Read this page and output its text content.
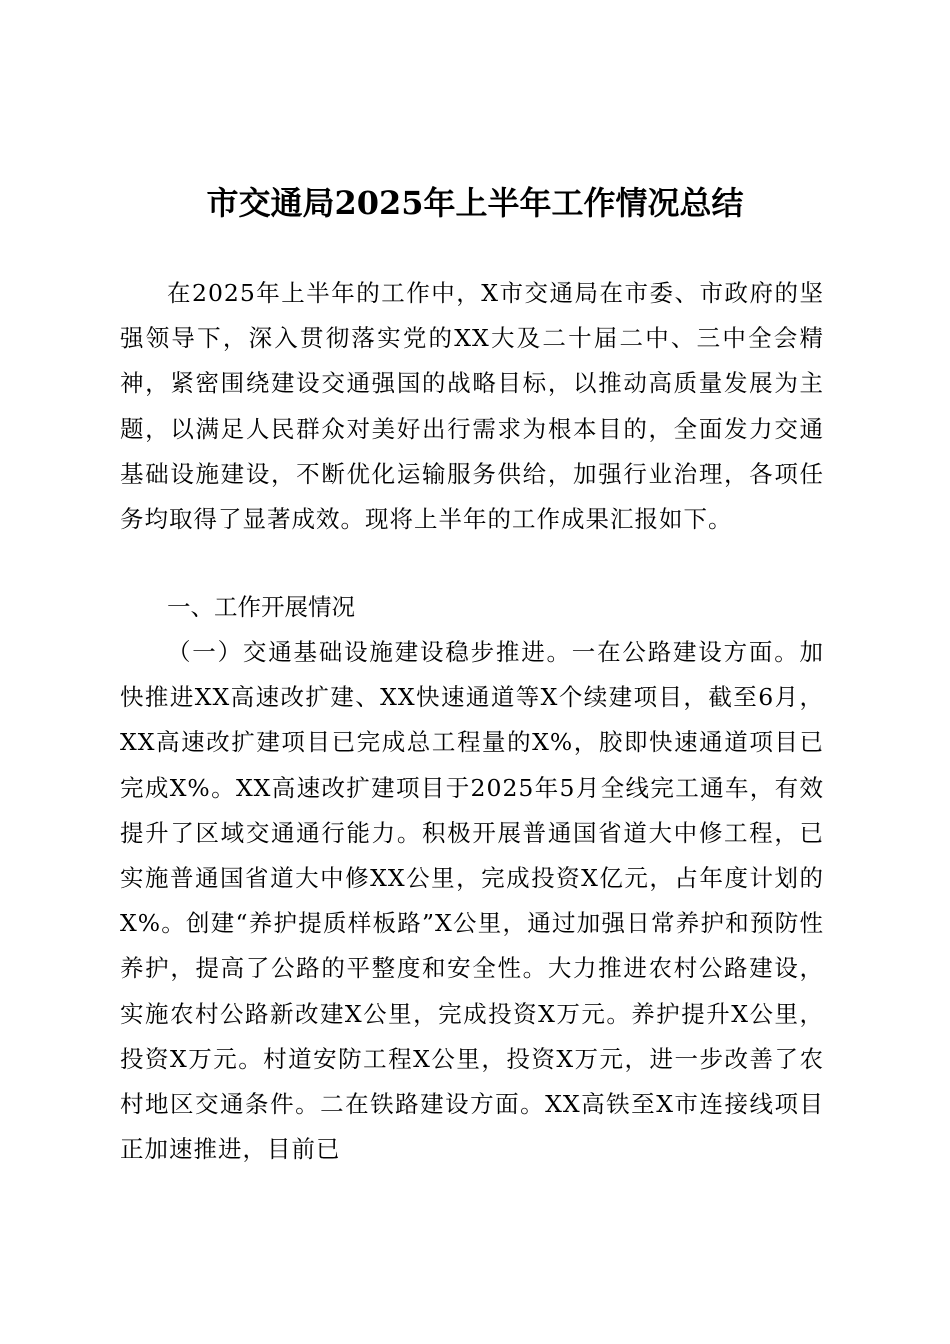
市交通局2025年上半年工作情况总结

在2025年上半年的工作中，X市交通局在市委、市政府的坚强领导下，深入贯彻落实党的XX大及二十届二中、三中全会精神，紧密围绕建设交通强国的战略目标，以推动高质量发展为主题，以满足人民群众对美好出行需求为根本目的，全面发力交通基础设施建设，不断优化运输服务供给，加强行业治理，各项任务均取得了显著成效。现将上半年的工作成果汇报如下。

一、工作开展情况

（一）交通基础设施建设稳步推进。一在公路建设方面。加快推进XX高速改扩建、XX快速通道等X个续建项目，截至6月，XX高速改扩建项目已完成总工程量的X%，胶即快速通道项目已完成X%。XX高速改扩建项目于2025年5月全线完工通车，有效提升了区域交通通行能力。积极开展普通国省道大中修工程，已实施普通国省道大中修XX公里，完成投资X亿元，占年度计划的X%。创建“养护提质样板路”X公里，通过加强日常养护和预防性养护，提高了公路的平整度和安全性。大力推进农村公路建设，实施农村公路新改建X公里，完成投资X万元。养护提升X公里，投资X万元。村道安防工程X公里，投资X万元，进一步改善了农村地区交通条件。二在铁路建设方面。XX高铁至X市连接线项目正加速推进，目前已
